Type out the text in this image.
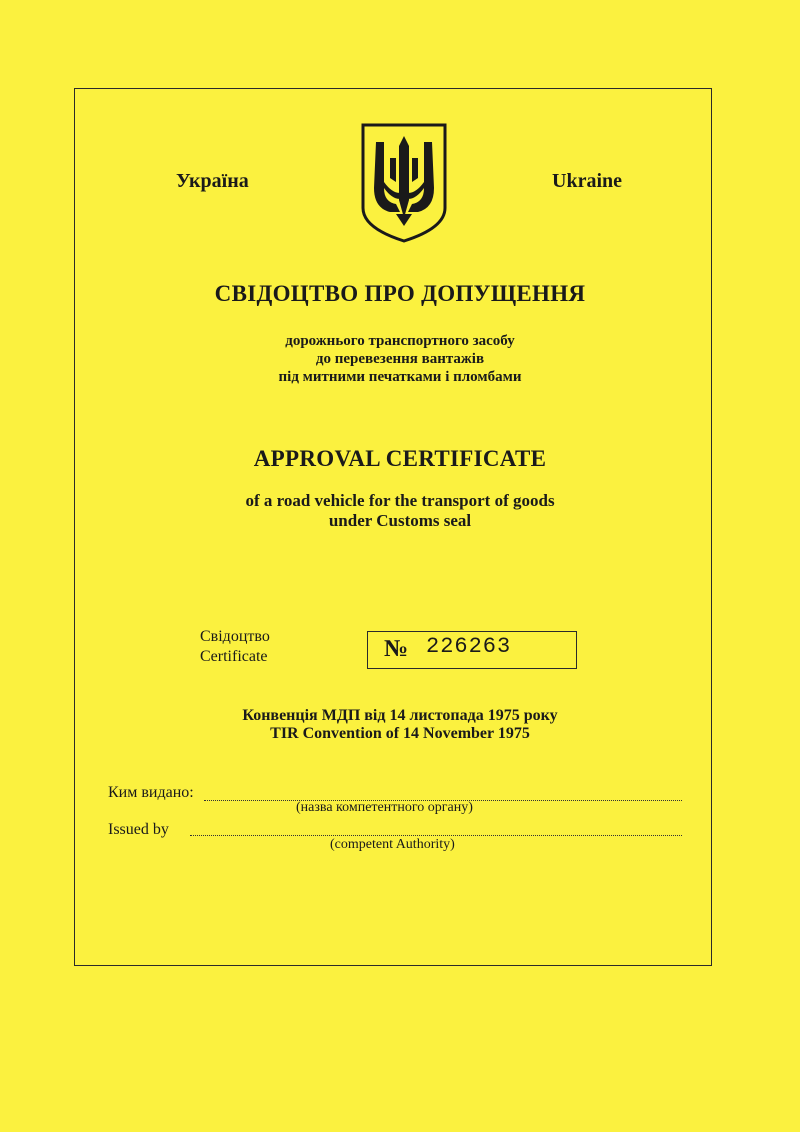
Україна	Ukraine
СВІДОЦТВО ПРО ДОПУЩЕННЯ
дорожнього транспортного засобу
до перевезення вантажів
під митними печатками і пломбами
APPROVAL CERTIFICATE
of a road vehicle for the transport of goods
under Customs seal
Свідоцтво
Certificate	№ 226263
Конвенція МДП від 14 листопада 1975 року
TIR Convention of 14 November 1975
Ким видано:
(назва компетентного органу)
Issued by
(competent Authority)
